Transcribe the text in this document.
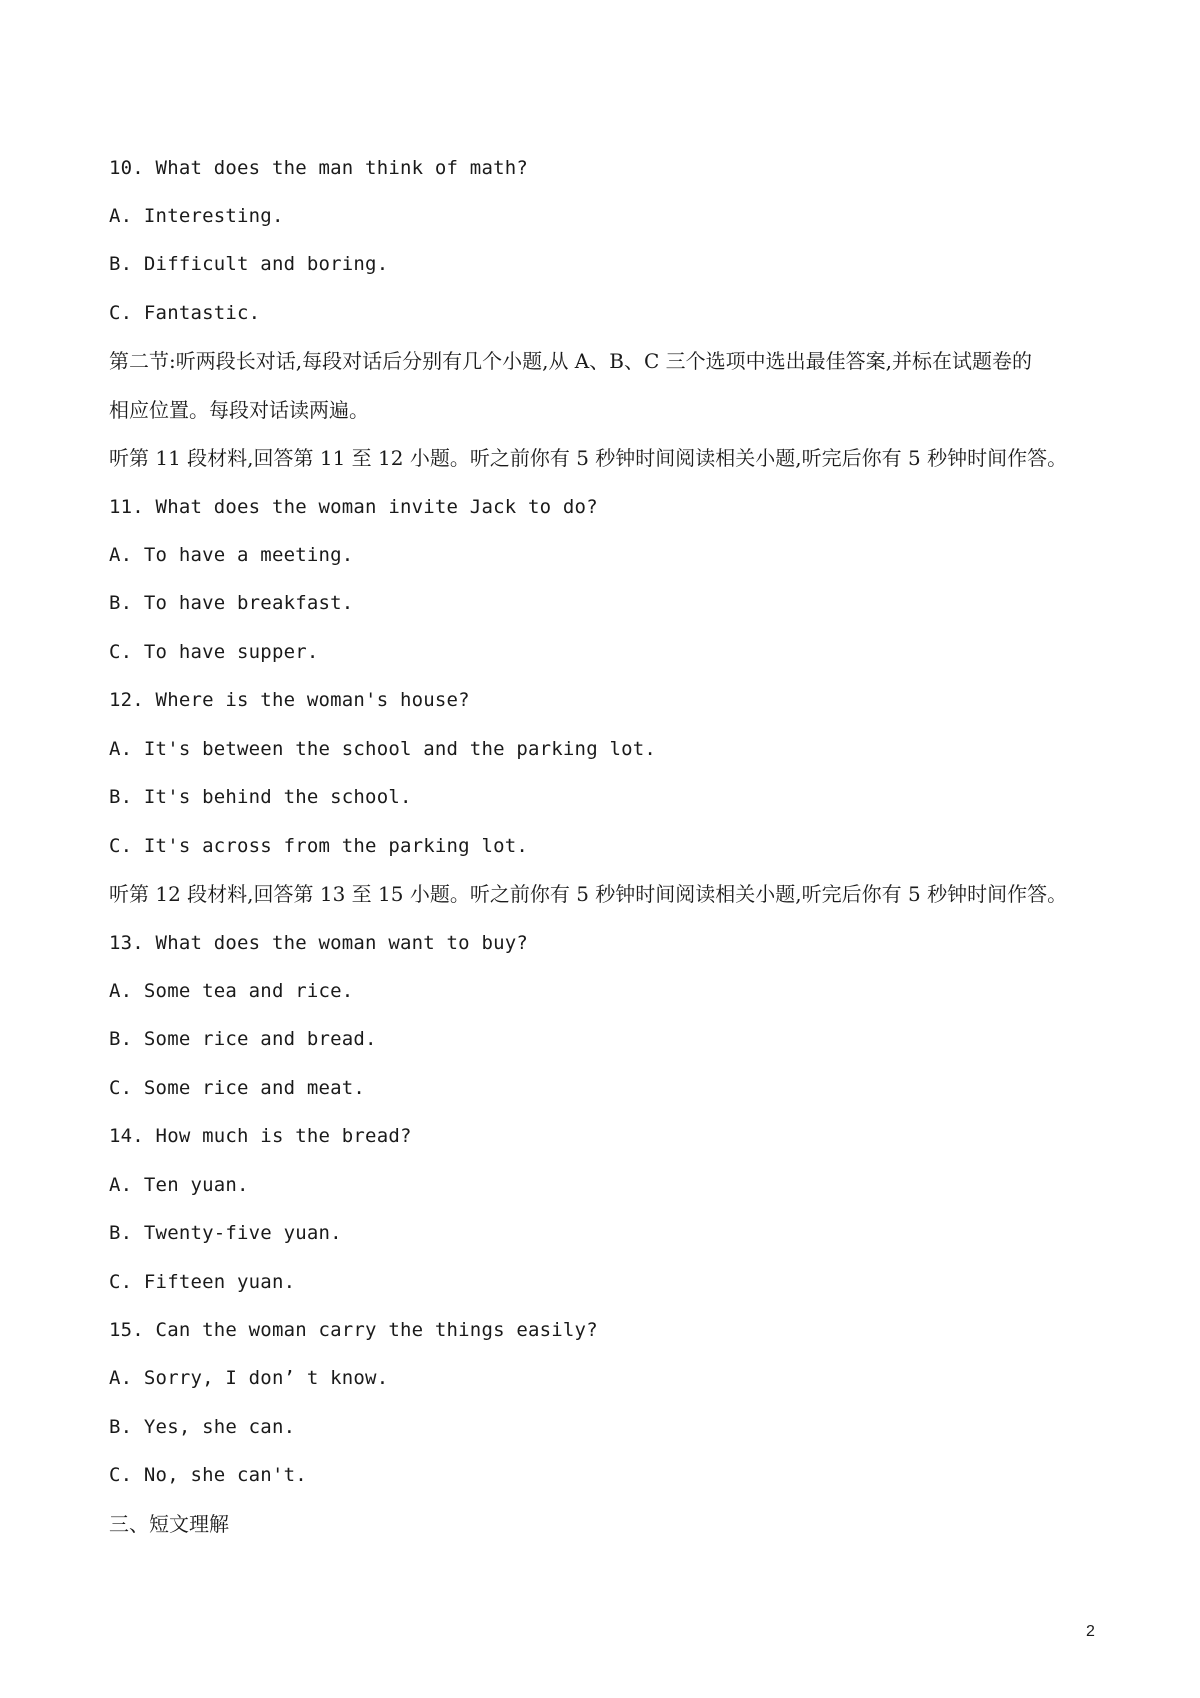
10. What does the man think of math?
A. Interesting.
B. Difficult and boring.
C. Fantastic.
第二节:听两段长对话,每段对话后分别有几个小题,从 A、B、C 三个选项中选出最佳答案,并标在试题卷的
相应位置。每段对话读两遍。
听第 11 段材料,回答第 11 至 12 小题。听之前你有 5 秒钟时间阅读相关小题,听完后你有 5 秒钟时间作答。
11. What does the woman invite Jack to do?
A. To have a meeting.
B. To have breakfast.
C. To have supper.
12. Where is the woman's house?
A. It's between the school and the parking lot.
B. It's behind the school.
C. It's across from the parking lot.
听第 12 段材料,回答第 13 至 15 小题。听之前你有 5 秒钟时间阅读相关小题,听完后你有 5 秒钟时间作答。
13. What does the woman want to buy?
A. Some tea and rice.
B. Some rice and bread.
C. Some rice and meat.
14. How much is the bread?
A. Ten yuan.
B. Twenty-five yuan.
C. Fifteen yuan.
15. Can the woman carry the things easily?
A. Sorry, I don’ t know.
B. Yes, she can.
C. No, she can't.
三、短文理解
2
